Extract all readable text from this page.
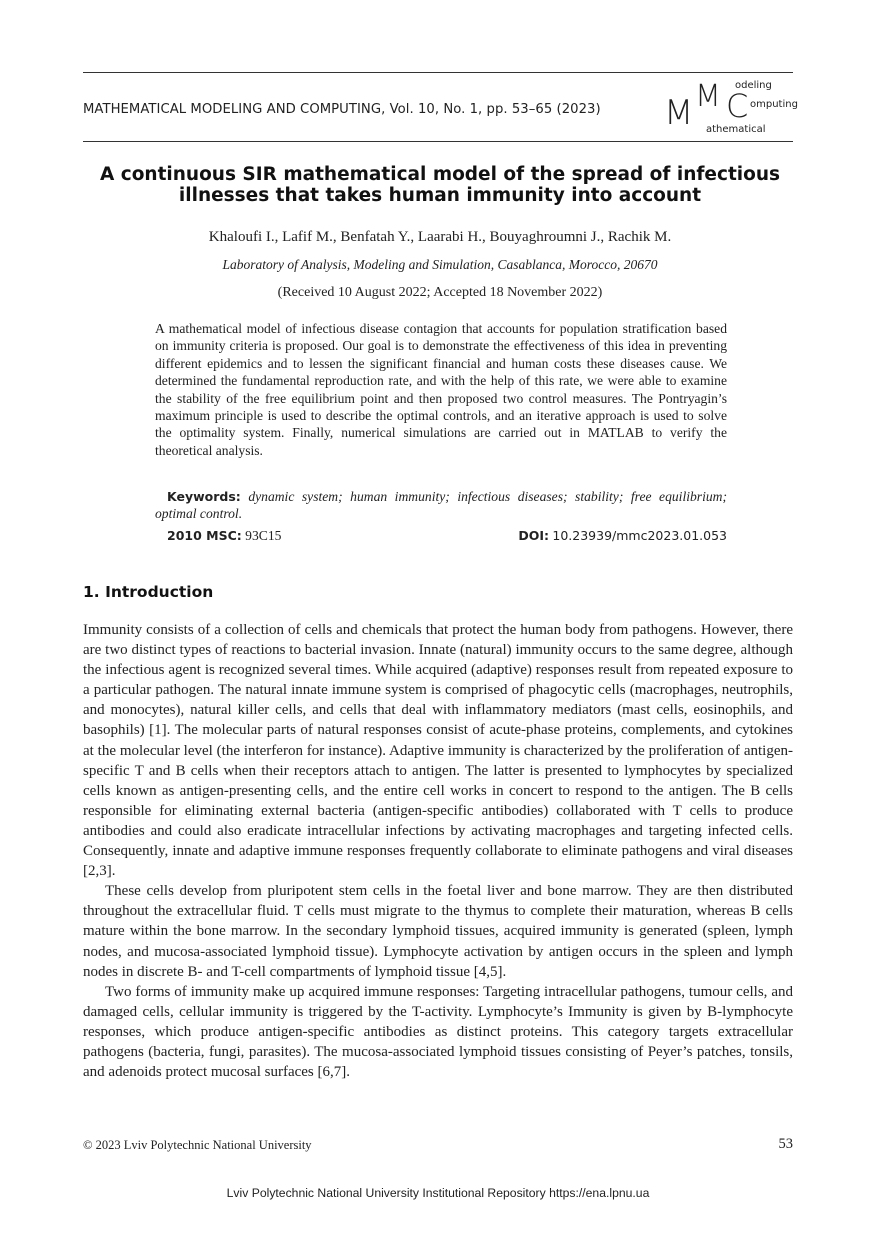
MATHEMATICAL MODELING AND COMPUTING, Vol. 10, No. 1, pp. 53–65 (2023) M M C
odeling
omputing
athematical
A continuous SIR mathematical model of the spread of infectious illnesses that takes human immunity into account
Khaloufi I., Lafif M., Benfatah Y., Laarabi H., Bouyaghroumni J., Rachik M.
Laboratory of Analysis, Modeling and Simulation, Casablanca, Morocco, 20670
(Received 10 August 2022; Accepted 18 November 2022)
A mathematical model of infectious disease contagion that accounts for population stratification based on immunity criteria is proposed. Our goal is to demonstrate the effectiveness of this idea in preventing different epidemics and to lessen the significant financial and human costs these diseases cause. We determined the fundamental reproduction rate, and with the help of this rate, we were able to examine the stability of the free equilibrium point and then proposed two control measures. The Pontryagin’s maximum principle is used to describe the optimal controls, and an iterative approach is used to solve the optimality system. Finally, numerical simulations are carried out in MATLAB to verify the theoretical analysis.
Keywords: dynamic system; human immunity; infectious diseases; stability; free equilibrium; optimal control.
2010 MSC: 93C15	DOI: 10.23939/mmc2023.01.053
1. Introduction

Immunity consists of a collection of cells and chemicals that protect the human body from pathogens. However, there are two distinct types of reactions to bacterial invasion. Innate (natural) immunity occurs to the same degree, although the infectious agent is recognized several times. While acquired (adaptive) responses result from repeated exposure to a particular pathogen. The natural innate immune system is comprised of phagocytic cells (macrophages, neutrophils, and monocytes), natural killer cells, and cells that deal with inflammatory mediators (mast cells, eosinophils, and basophils) [1]. The molecular parts of natural responses consist of acute-phase proteins, complements, and cytokines at the molecular level (the interferon for instance). Adaptive immunity is characterized by the proliferation of antigen-specific T and B cells when their receptors attach to antigen. The latter is presented to lymphocytes by specialized cells known as antigen-presenting cells, and the entire cell works in concert to respond to the antigen. The B cells responsible for eliminating external bacteria (antigen-specific antibodies) collaborated with T cells to produce antibodies and could also eradicate intracellular infections by activating macrophages and targeting infected cells. Consequently, innate and adaptive immune responses frequently collaborate to eliminate pathogens and viral diseases [2,3].

These cells develop from pluripotent stem cells in the foetal liver and bone marrow. They are then distributed throughout the extracellular fluid. T cells must migrate to the thymus to complete their maturation, whereas B cells mature within the bone marrow. In the secondary lymphoid tissues, acquired immunity is generated (spleen, lymph nodes, and mucosa-associated lymphoid tissue). Lymphocyte activation by antigen occurs in the spleen and lymph nodes in discrete B- and T-cell compartments of lymphoid tissue [4,5].

Two forms of immunity make up acquired immune responses: Targeting intracellular pathogens, tumour cells, and damaged cells, cellular immunity is triggered by the T-activity. Lymphocyte’s Immunity is given by B-lymphocyte responses, which produce antigen-specific antibodies as distinct proteins. This category targets extracellular pathogens (bacteria, fungi, parasites). The mucosa-associated lymphoid tissues consisting of Peyer’s patches, tonsils, and adenoids protect mucosal surfaces [6,7].

© 2023 Lviv Polytechnic National University	53
Lviv Polytechnic National University Institutional Repository https://ena.lpnu.ua
